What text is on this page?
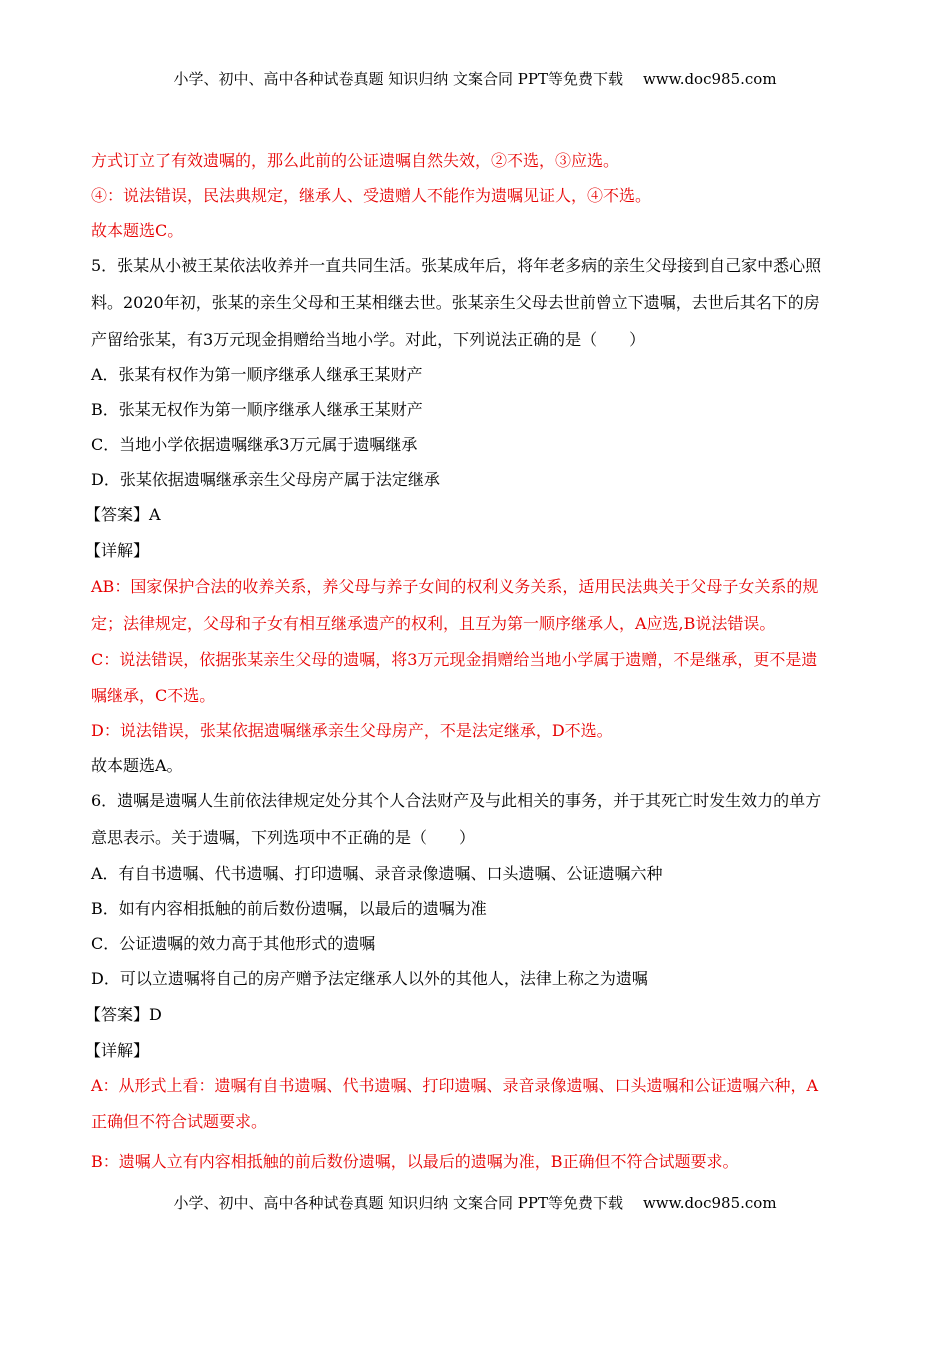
小学、初中、高中各种试卷真题 知识归纳 文案合同 PPT等免费下载 www.doc985.com

方式订立了有效遗嘱的，那么此前的公证遗嘱自然失效，②不选，③应选。

④：说法错误，民法典规定，继承人、受遗赠人不能作为遗嘱见证人，④不选。

故本题选C。

5．张某从小被王某依法收养并一直共同生活。张某成年后，将年老多病的亲生父母接到自己家中悉心照

料。2020年初，张某的亲生父母和王某相继去世。张某亲生父母去世前曾立下遗嘱，去世后其名下的房

产留给张某，有3万元现金捐赠给当地小学。对此，下列说法正确的是（　　）

A．张某有权作为第一顺序继承人继承王某财产

B．张某无权作为第一顺序继承人继承王某财产

C．当地小学依据遗嘱继承3万元属于遗嘱继承

D．张某依据遗嘱继承亲生父母房产属于法定继承

【答案】A

【详解】

AB：国家保护合法的收养关系，养父母与养子女间的权利义务关系，适用民法典关于父母子女关系的规

定；法律规定，父母和子女有相互继承遗产的权利，且互为第一顺序继承人，A应选,B说法错误。

C：说法错误，依据张某亲生父母的遗嘱，将3万元现金捐赠给当地小学属于遗赠，不是继承，更不是遗

嘱继承，C不选。

D：说法错误，张某依据遗嘱继承亲生父母房产，不是法定继承，D不选。

故本题选A。

6．遗嘱是遗嘱人生前依法律规定处分其个人合法财产及与此相关的事务，并于其死亡时发生效力的单方

意思表示。关于遗嘱，下列选项中不正确的是（　　）

A．有自书遗嘱、代书遗嘱、打印遗嘱、录音录像遗嘱、口头遗嘱、公证遗嘱六种

B．如有内容相抵触的前后数份遗嘱，以最后的遗嘱为准

C．公证遗嘱的效力高于其他形式的遗嘱

D．可以立遗嘱将自己的房产赠予法定继承人以外的其他人，法律上称之为遗嘱

【答案】D

【详解】

A：从形式上看：遗嘱有自书遗嘱、代书遗嘱、打印遗嘱、录音录像遗嘱、口头遗嘱和公证遗嘱六种，A

正确但不符合试题要求。

B：遗嘱人立有内容相抵触的前后数份遗嘱，以最后的遗嘱为准，B正确但不符合试题要求。

小学、初中、高中各种试卷真题 知识归纳 文案合同 PPT等免费下载 www.doc985.com
